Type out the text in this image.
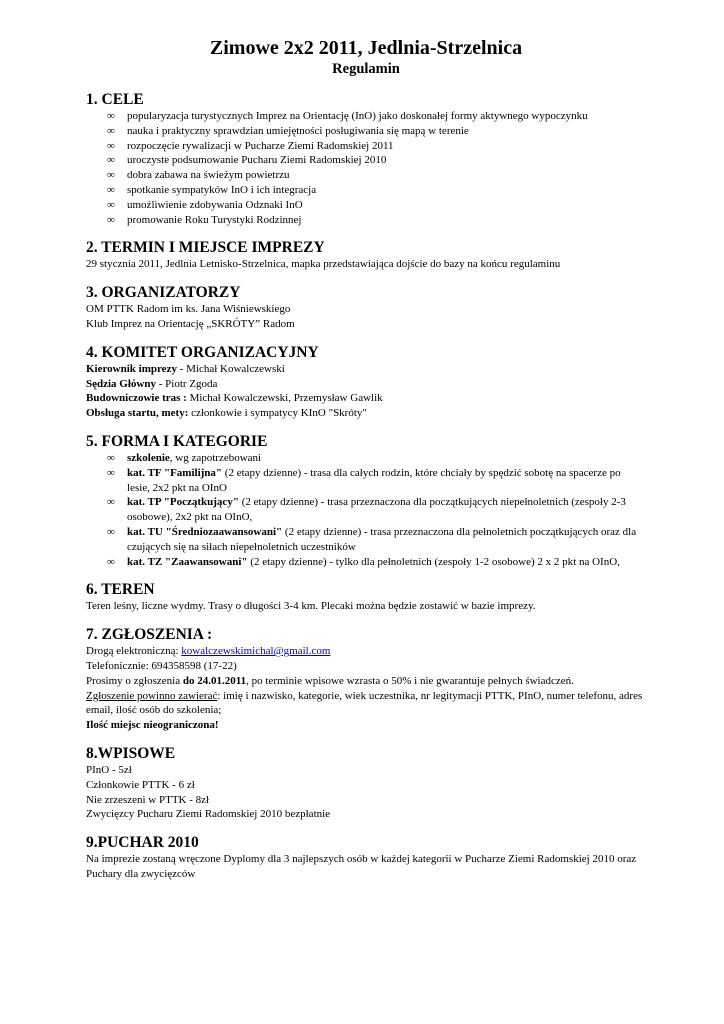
Zimowe 2x2 2011, Jedlnia-Strzelnica

Regulamin

1. CELE
∞ popularyzacja turystycznych Imprez na Orientację (InO) jako doskonałej formy aktywnego wypoczynku
∞ nauka i praktyczny sprawdzian umiejętności posługiwania się mapą w terenie
∞ rozpoczęcie rywalizacji w Pucharze Ziemi Radomskiej 2011
∞ uroczyste podsumowanie Pucharu Ziemi Radomskiej 2010
∞ dobra zabawa na świeżym powietrzu
∞ spotkanie sympatyków InO i ich integracja
∞ umożliwienie zdobywania Odznaki InO
∞ promowanie Roku Turystyki Rodzinnej
2. TERMIN I MIEJSCE IMPREZY

29 stycznia 2011, Jedlnia Letnisko-Strzelnica, mapka przedstawiająca dojście do bazy na końcu regulaminu

3. ORGANIZATORZY

OM PTTK Radom im ks. Jana Wiśniewskiego

Klub Imprez na Orientację „SKRÓTY” Radom

4. KOMITET ORGANIZACYJNY

Kierownik imprezy - Michał Kowalczewski

Sędzia Główny - Piotr Zgoda

Budowniczowie tras : Michał Kowalczewski, Przemysław Gawlik

Obsługa startu, mety: członkowie i sympatycy KInO "Skróty"

5. FORMA I KATEGORIE
∞ szkolenie, wg zapotrzebowani
∞ kat. TF "Familijna" (2 etapy dzienne) - trasa dla całych rodzin, które chciały by spędzić sobotę na spacerze po lesie, 2x2 pkt na OInO
∞ kat. TP "Początkujący" (2 etapy dzienne) - trasa przeznaczona dla początkujących niepełnoletnich (zespoły 2-3 osobowe), 2x2 pkt na OInO,
∞ kat. TU "Średniozaawansowani" (2 etapy dzienne) - trasa przeznaczona dla pełnoletnich początkujących oraz dla czujących się na siłach niepełnoletnich uczestników
∞ kat. TZ "Zaawansowani" (2 etapy dzienne) - tylko dla pełnoletnich (zespoły 1-2 osobowe) 2 x 2 pkt na OInO,
6. TEREN

Teren leśny, liczne wydmy. Trasy o długości 3-4 km. Plecaki można będzie zostawić w bazie imprezy.

7. ZGŁOSZENIA :

Drogą elektroniczną: kowalczewskimichal@gmail.com

Telefonicznie: 694358598 (17-22)

Prosimy o zgłoszenia do 24.01.2011, po terminie wpisowe wzrasta o 50% i nie gwarantuje pełnych świadczeń.

Zgłoszenie powinno zawierać: imię i nazwisko, kategorie, wiek uczestnika, nr legitymacji PTTK, PInO, numer telefonu, adres email, ilość osób do szkolenia;

Ilość miejsc nieograniczona!

8.WPISOWE

PInO - 5zł

Członkowie PTTK - 6 zł

Nie zrzeszeni w PTTK - 8zł

Zwycięzcy Pucharu Ziemi Radomskiej 2010 bezpłatnie

9.PUCHAR 2010

Na imprezie zostaną wręczone Dyplomy dla 3 najlepszych osób w każdej kategorii w Pucharze Ziemi Radomskiej 2010 oraz Puchary dla zwycięzców
